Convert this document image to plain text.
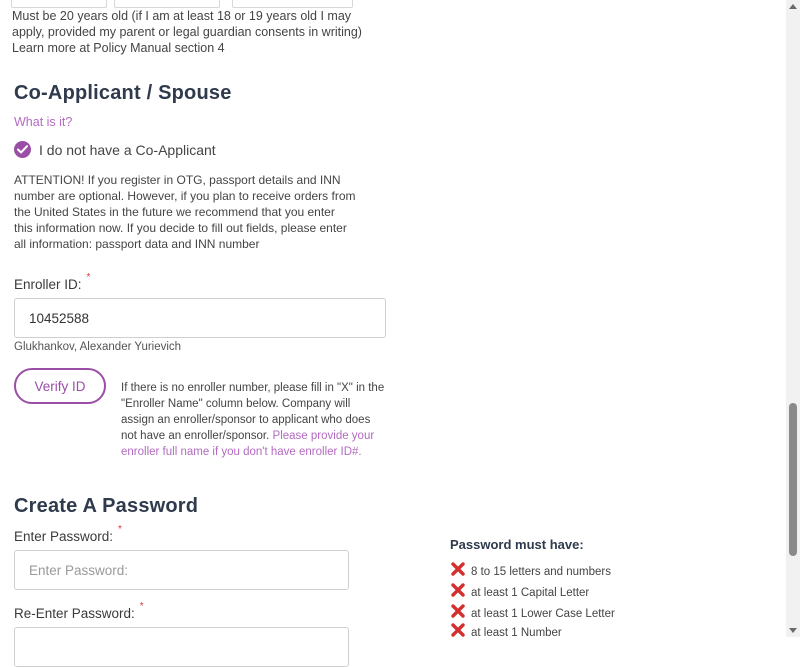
Must be 20 years old (if I am at least 18 or 19 years old I may
apply, provided my parent or legal guardian consents in writing)
Learn more at Policy Manual section 4
Co-Applicant / Spouse
What is it?
I do not have a Co-Applicant
ATTENTION! If you register in OTG, passport details and INN
number are optional. However, if you plan to receive orders from
the United States in the future we recommend that you enter
this information now. If you decide to fill out fields, please enter
all information: passport data and INN number
Enroller ID: *
10452588
Glukhankov, Alexander Yurievich
Verify ID	If there is no enroller number, please fill in "X" in the
"Enroller Name" column below. Company will
assign an enroller/sponsor to applicant who does
not have an enroller/sponsor. Please provide your
enroller full name if you don't have enroller ID#.
Create A Password
Enter Password: *
Re-Enter Password: *
Password must have:
8 to 15 letters and numbers
at least 1 Capital Letter
at least 1 Lower Case Letter
at least 1 Number
